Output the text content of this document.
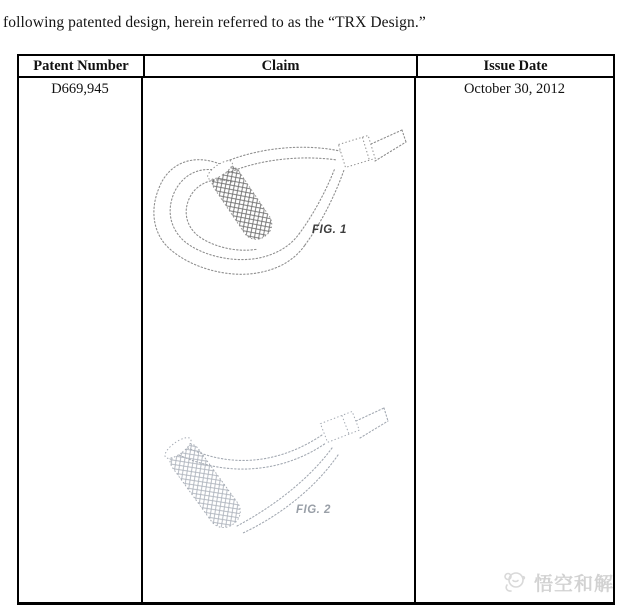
following patented design, herein referred to as the “TRX Design.”
Patent Number	Claim	Issue Date
D669,945
FIG. 1
FIG. 2
October 30, 2012
悟空和解
